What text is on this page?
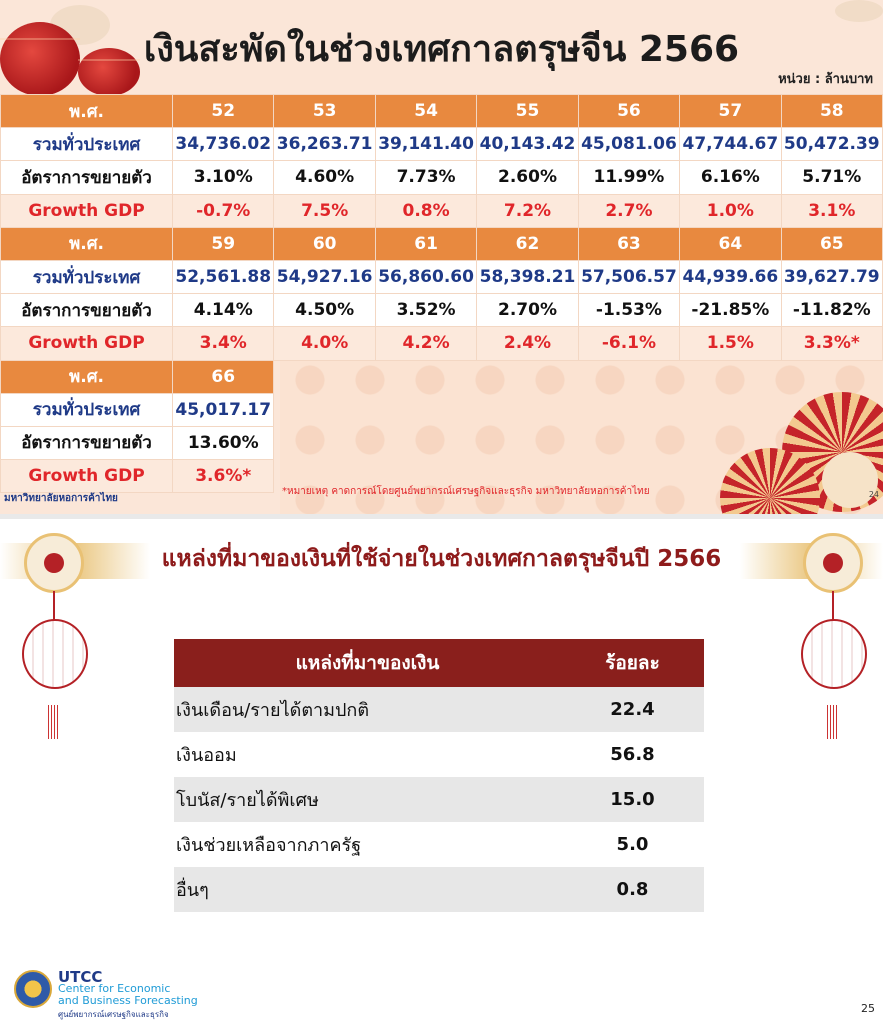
เงินสะพัดในช่วงเทศกาลตรุษจีน 2566
หน่วย : ล้านบาท
พ.ศ.	52	53	54	55	56	57	58
รวมทั่วประเทศ	34,736.02	36,263.71	39,141.40	40,143.42	45,081.06	47,744.67	50,472.39
อัตราการขยายตัว	3.10%	4.60%	7.73%	2.60%	11.99%	6.16%	5.71%
Growth GDP	-0.7%	7.5%	0.8%	7.2%	2.7%	1.0%	3.1%
พ.ศ.	59	60	61	62	63	64	65
รวมทั่วประเทศ	52,561.88	54,927.16	56,860.60	58,398.21	57,506.57	44,939.66	39,627.79
อัตราการขยายตัว	4.14%	4.50%	3.52%	2.70%	-1.53%	-21.85%	-11.82%
Growth GDP	3.4%	4.0%	4.2%	2.4%	-6.1%	1.5%	3.3%*
พ.ศ.	66						
รวมทั่วประเทศ	45,017.17						
อัตราการขยายตัว	13.60%						
Growth GDP	3.6%*						
มหาวิทยาลัยหอการค้าไทย
*หมายเหตุ คาดการณ์โดยศูนย์พยากรณ์เศรษฐกิจและธุรกิจ มหาวิทยาลัยหอการค้าไทย	24
แหล่งที่มาของเงินที่ใช้จ่ายในช่วงเทศกาลตรุษจีนปี 2566
แหล่งที่มาของเงิน	ร้อยละ
เงินเดือน/รายได้ตามปกติ	22.4
เงินออม	56.8
โบนัส/รายได้พิเศษ	15.0
เงินช่วยเหลือจากภาครัฐ	5.0
อื่นๆ	0.8
UTCC
Center for Economic
and Business Forecasting
ศูนย์พยากรณ์เศรษฐกิจและธุรกิจ	25
